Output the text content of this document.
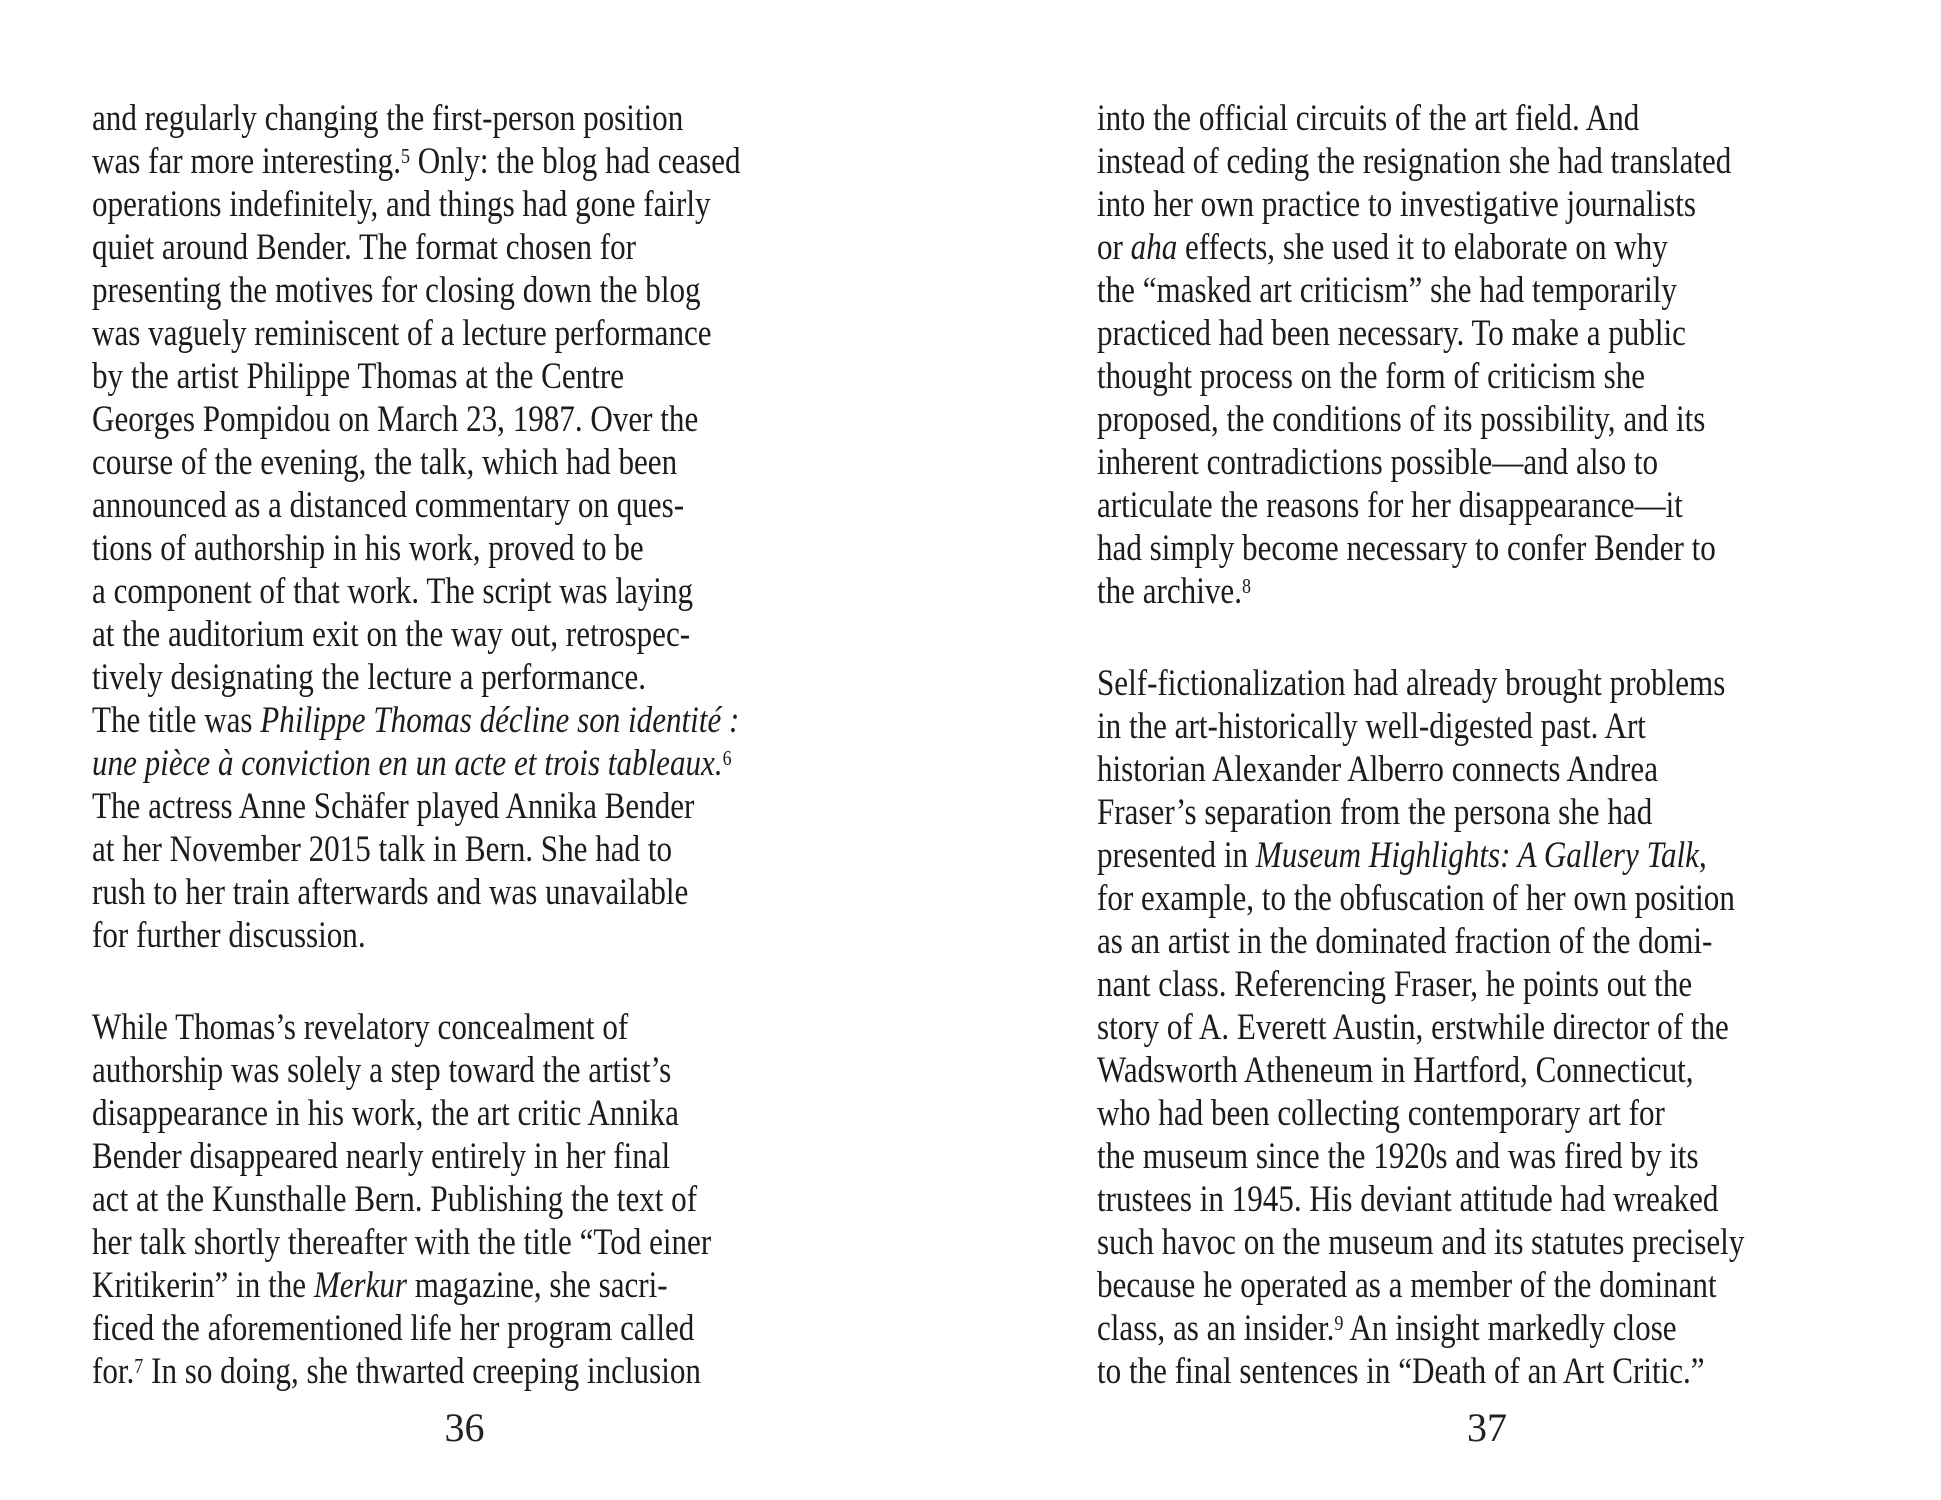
and regularly changing the first-person position
was far more interesting.$^5$ Only: the blog had ceased
operations indefinitely, and things had gone fairly
quiet around Bender. The format chosen for
presenting the motives for closing down the blog
was vaguely reminiscent of a lecture performance
by the artist Philippe Thomas at the Centre
Georges Pompidou on March 23, 1987. Over the
course of the evening, the talk, which had been
announced as a distanced commentary on ques-
tions of authorship in his work, proved to be
a component of that work. The script was laying
at the auditorium exit on the way out, retrospec-
tively designating the lecture a performance.
The title was Philippe Thomas décline son identité :
une pièce à conviction en un acte et trois tableaux.$^6$
The actress Anne Schäfer played Annika Bender
at her November 2015 talk in Bern. She had to
rush to her train afterwards and was unavailable
for further discussion.
While Thomas’s revelatory concealment of
authorship was solely a step toward the artist’s
disappearance in his work, the art critic Annika
Bender disappeared nearly entirely in her final
act at the Kunsthalle Bern. Publishing the text of
her talk shortly thereafter with the title “Tod einer
Kritikerin” in the Merkur magazine, she sacri-
ficed the aforementioned life her program called
for.$^7$ In so doing, she thwarted creeping inclusion
36
into the official circuits of the art field. And
instead of ceding the resignation she had translated
into her own practice to investigative journalists
or aha effects, she used it to elaborate on why
the “masked art criticism” she had temporarily
practiced had been necessary. To make a public
thought process on the form of criticism she
proposed, the conditions of its possibility, and its
inherent contradictions possible—and also to
articulate the reasons for her disappearance—it
had simply become necessary to confer Bender to
the archive.$^8$
Self-fictionalization had already brought problems
in the art-historically well-digested past. Art
historian Alexander Alberro connects Andrea
Fraser’s separation from the persona she had
presented in Museum Highlights: A Gallery Talk,
for example, to the obfuscation of her own position
as an artist in the dominated fraction of the domi-
nant class. Referencing Fraser, he points out the
story of A. Everett Austin, erstwhile director of the
Wadsworth Atheneum in Hartford, Connecticut,
who had been collecting contemporary art for
the museum since the 1920s and was fired by its
trustees in 1945. His deviant attitude had wreaked
such havoc on the museum and its statutes precisely
because he operated as a member of the dominant
class, as an insider.$^9$ An insight markedly close
to the final sentences in “Death of an Art Critic.”
37
